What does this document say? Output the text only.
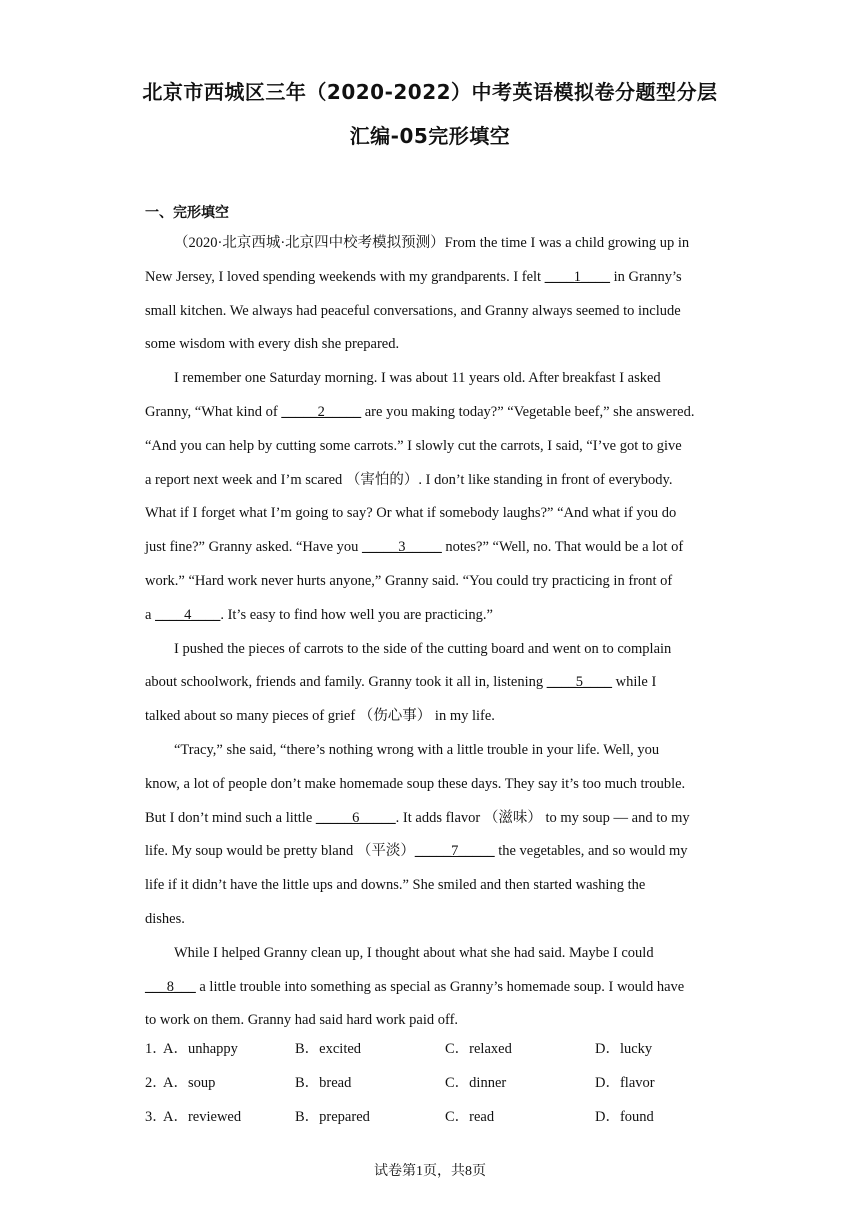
北京市西城区三年（2020-2022）中考英语模拟卷分题型分层
汇编-05完形填空
一、完形填空
（2020·北京西城·北京四中校考模拟预测）From the time I was a child growing up in
New Jersey, I loved spending weekends with my grandparents. I felt ____1____ in Granny’s
small kitchen. We always had peaceful conversations, and Granny always seemed to include
some wisdom with every dish she prepared.
I remember one Saturday morning. I was about 11 years old. After breakfast I asked
Granny, “What kind of _____2_____ are you making today?” “Vegetable beef,” she answered.
“And you can help by cutting some carrots.” I slowly cut the carrots, I said, “I’ve got to give
a report next week and I’m scared （害怕的）. I don’t like standing in front of everybody.
What if I forget what I’m going to say? Or what if somebody laughs?” “And what if you do
just fine?” Granny asked. “Have you _____3_____ notes?” “Well, no. That would be a lot of
work.” “Hard work never hurts anyone,” Granny said. “You could try practicing in front of
a ____4____. It’s easy to find how well you are practicing.”
I pushed the pieces of carrots to the side of the cutting board and went on to complain
about schoolwork, friends and family. Granny took it all in, listening ____5____ while I
talked about so many pieces of grief （伤心事） in my life.
“Tracy,” she said, “there’s nothing wrong with a little trouble in your life. Well, you
know, a lot of people don’t make homemade soup these days. They say it’s too much trouble.
But I don’t mind such a little _____6_____. It adds flavor （滋味） to my soup — and to my
life. My soup would be pretty bland （平淡）_____7_____ the vegetables, and so would my
life if it didn’t have the little ups and downs.” She smiled and then started washing the
dishes.
While I helped Granny clean up, I thought about what she had said. Maybe I could
___8___ a little trouble into something as special as Granny’s homemade soup. I would have
to work on them. Granny had said hard work paid off.
1．
A．unhappy	B．excited	C．relaxed	D．lucky
2．
A．soup	B．bread	C．dinner	D．flavor
3．
A．reviewed	B．prepared	C．read	D．found
试卷第1页，共8页
